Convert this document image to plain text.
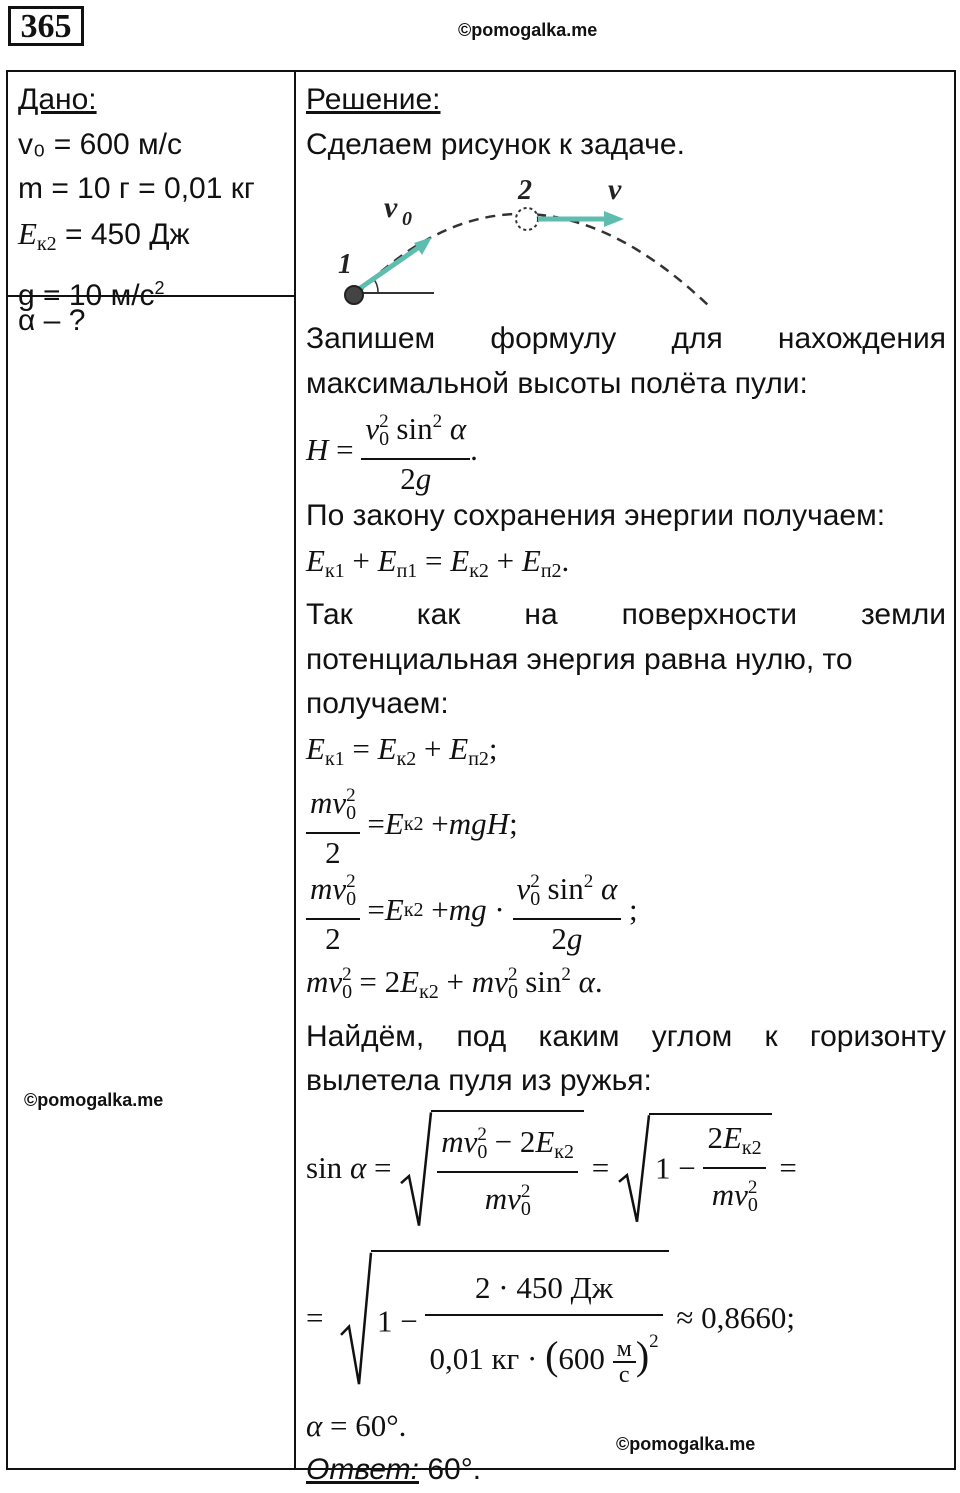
365	©pomogalka.me
Дано:
v₀ = 600 м/с
m = 10 г = 0,01 кг
$E_{к2} = 450$ Дж
g = 10 $м/с^2$
α – ?
©pomogalka.me
Решение:
Сделаем рисунок к задаче.
1
2
v 0
v
Запишем формулу для нахождения
максимальной высоты полёта пули:
$H = \frac{v_0^2 \sin^2 \alpha}{2g}$ .
По закону сохранения энергии получаем:
$E_{к1} + E_{п1} = E_{к2} + E_{п2}$.
Так как на поверхности земли
потенциальная энергия равна нулю, то
получаем:
$E_{к1} = E_{к2} + E_{п2}$;
$\frac{mv_0^2}{2} = E$ к2 + mgH ;
$\frac{mv_0^2}{2} = E$ к2 + mg · $\frac{v_0^2 \sin^2 \alpha}{2g}$ ;
$mv_0^2 = 2E_{к2} + mv_0^2$ $\sin^2 \alpha$.
Найдём, под каким углом к горизонту
вылетела пуля из ружья:
$\sin \alpha = \frac{mv_0^2 - 2E_{к2}}{mv_0^2}$ =	$1 - \frac{2E_{к2}}{mv_0^2}$ =
=	$1 - \frac{2 \cdot 450 Дж}{0,01 кг \cdot (600 \frac{м}{с} )^2}$
≈ 0,8660;
α = 60°.
Ответ: 60°.
©pomogalka.me
